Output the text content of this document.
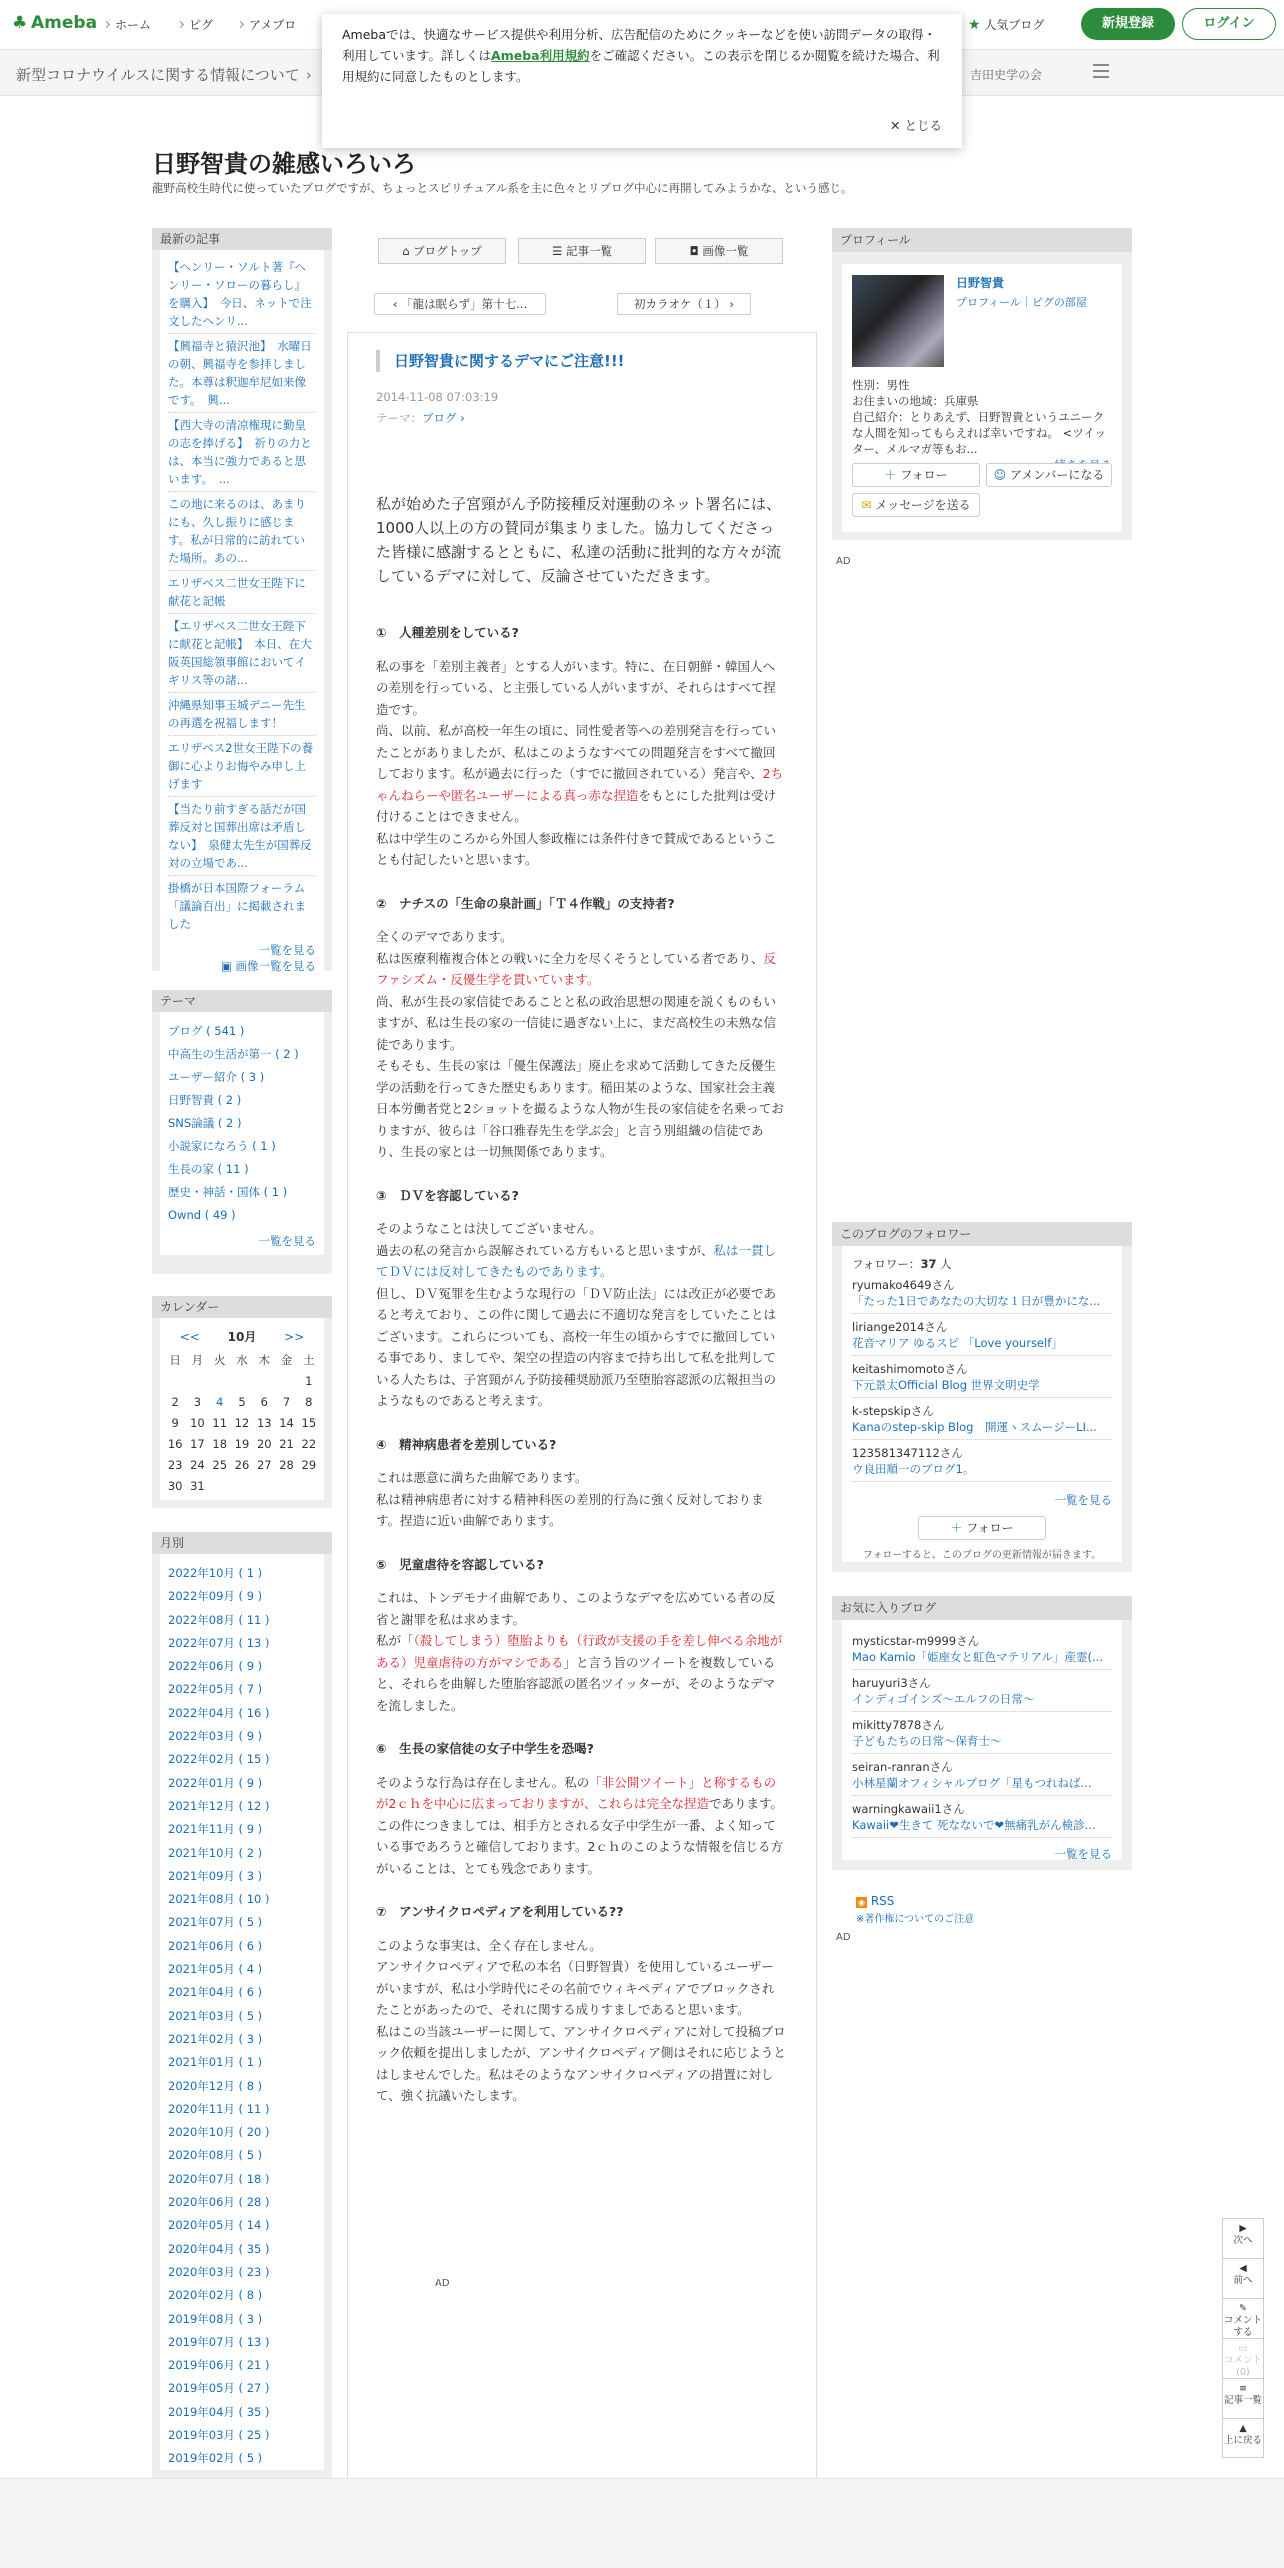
♣ Ameba	ホーム	ピグ	アメブロ	★ 人気ブログ	新規登録	ログイン
新型コロナウイルスに関する情報について ›	吉田史学の会
Amebaでは、快適なサービス提供や利用分析、広告配信のためにクッキーなどを使い訪問データの取得・利用しています。詳しくはAmeba利用規約をご確認ください。この表示を閉じるか閲覧を続けた場合、利用規約に同意したものとします。
✕ とじる
日野智貴の雑感いろいろ
龍野高校生時代に使っていたブログですが、ちょっとスピリチュアル系を主に色々とリブログ中心に再開してみようかな、という感じ。
最新の記事
【ヘンリー・ソルト著『ヘンリー・ソローの暮らし』を購入】　今日、ネットで注文したヘンリ...
【興福寺と猿沢池】　水曜日の朝、興福寺を参拝しました。本尊は釈迦牟尼如来像です。　興...
【西大寺の清凉権現に勤皇の志を捧げる】　祈りの力とは、本当に強力であると思います。　...
この地に来るのは、あまりにも、久し振りに感じます。私が日常的に訪れていた場所。あの...
エリザベス二世女王陛下に献花と記帳
【エリザベス二世女王陛下に献花と記帳】　本日、在大阪英国総領事館においてイギリス等の諸...
沖縄県知事玉城デニー先生の再選を祝福します！
エリザベス2世女王陛下の養御に心よりお悔やみ申し上げます
【当たり前すぎる話だが国葬反対と国葬出席は矛盾しない】　泉健太先生が国葬反対の立場であ...
掛橋が日本国際フォーラム「議論百出」に掲載されました
一覧を見る
▣ 画像一覧を見る
テーマ
ブログ ( 541 )
中高生の生活が第一 ( 2 )
ユーザー紹介 ( 3 )
日野智貴 ( 2 )
SNS論議 ( 2 )
小説家になろう ( 1 )
生長の家 ( 11 )
歴史・神話・国体 ( 1 )
Ownd ( 49 )
一覧を見る
カレンダー
<< 10月 >>
日	月	火	水	木	金	土
						1
2	3	4	5	6	7	8
9	10	11	12	13	14	15
16	17	18	19	20	21	22
23	24	25	26	27	28	29
30	31					
月別
2022年10月 ( 1 )
2022年09月 ( 9 )
2022年08月 ( 11 )
2022年07月 ( 13 )
2022年06月 ( 9 )
2022年05月 ( 7 )
2022年04月 ( 16 )
2022年03月 ( 9 )
2022年02月 ( 15 )
2022年01月 ( 9 )
2021年12月 ( 12 )
2021年11月 ( 9 )
2021年10月 ( 2 )
2021年09月 ( 3 )
2021年08月 ( 10 )
2021年07月 ( 5 )
2021年06月 ( 6 )
2021年05月 ( 4 )
2021年04月 ( 6 )
2021年03月 ( 5 )
2021年02月 ( 3 )
2021年01月 ( 1 )
2020年12月 ( 8 )
2020年11月 ( 11 )
2020年10月 ( 20 )
2020年08月 ( 5 )
2020年07月 ( 18 )
2020年06月 ( 28 )
2020年05月 ( 14 )
2020年04月 ( 35 )
2020年03月 ( 23 )
2020年02月 ( 8 )
2019年08月 ( 3 )
2019年07月 ( 13 )
2019年06月 ( 21 )
2019年05月 ( 27 )
2019年04月 ( 35 )
2019年03月 ( 25 )
2019年02月 ( 5 )
⌂ ブログトップ	☰ 記事一覧	◘ 画像一覧
‹ 「龍は眠らず」第十七...	初カラオケ（１） ›
日野智貴に関するデマにご注意!!!
2014-11-08 07:03:19
テーマ：ブログ ›

私が始めた子宮頸がん予防接種反対運動のネット署名には、1000人以上の方の賛同が集まりました。協力してくださった皆様に感謝するとともに、私達の活動に批判的な方々が流しているデマに対して、反論させていただきます。

①　人種差別をしている?

私の事を「差別主義者」とする人がいます。特に、在日朝鮮・韓国人への差別を行っている、と主張している人がいますが、それらはすべて捏造です。

尚、以前、私が高校一年生の頃に、同性愛者等への差別発言を行っていたことがありましたが、私はこのようなすべての問題発言をすべて撤回しております。私が過去に行った（すでに撤回されている）発言や、2ちゃんねらーや匿名ユーザーによる真っ赤な捏造をもとにした批判は受け付けることはできません。

私は中学生のころから外国人参政権には条件付きで賛成であるということも付記したいと思います。

②　ナチスの「生命の泉計画」「Ｔ４作戦」の支持者?

全くのデマであります。

私は医療利権複合体との戦いに全力を尽くそうとしている者であり、反ファシズム・反優生学を貫いています。

尚、私が生長の家信徒であることと私の政治思想の関連を説くものもいますが、私は生長の家の一信徒に過ぎない上に、まだ高校生の未熟な信徒であります。

そもそも、生長の家は「優生保護法」廃止を求めて活動してきた反優生学の活動を行ってきた歴史もあります。稲田某のような、国家社会主義日本労働者党と2ショットを撮るような人物が生長の家信徒を名乗っておりますが、彼らは「谷口雅春先生を学ぶ会」と言う別組織の信徒であり、生長の家とは一切無関係であります。

③　ＤＶを容認している?

そのようなことは決してございません。

過去の私の発言から誤解されている方もいると思いますが、私は一貫してＤＶには反対してきたものであります。

但し、ＤＶ冤罪を生むような現行の「ＤＶ防止法」には改正が必要であると考えており、この件に関して過去に不適切な発言をしていたことはございます。これらについても、高校一年生の頃からすでに撤回している事であり、ましてや、架空の捏造の内容まで持ち出して私を批判している人たちは、子宮頸がん予防接種奨励派乃至堕胎容認派の広報担当のようなものであると考えます。

④　精神病患者を差別している?

これは悪意に満ちた曲解であります。

私は精神病患者に対する精神科医の差別的行為に強く反対しております。捏造に近い曲解であります。

⑤　児童虐待を容認している?

これは、トンデモナイ曲解であり、このようなデマを広めている者の反省と謝罪を私は求めます。

私が「（殺してしまう）堕胎よりも（行政が支援の手を差し伸べる余地がある）児童虐待の方がマシである」と言う旨のツイートを複数していると、それらを曲解した堕胎容認派の匿名ツイッターが、そのようなデマを流しました。

⑥　生長の家信徒の女子中学生を恐喝?

そのような行為は存在しません。私の「非公開ツイート」と称するものが2ｃｈを中心に広まっておりますが、これらは完全な捏造であります。

この件につきましては、相手方とされる女子中学生が一番、よく知っている事であろうと確信しております。2ｃｈのこのような情報を信じる方がいることは、とても残念であります。

⑦　アンサイクロペディアを利用している??

このような事実は、全く存在しません。

アンサイクロペディアで私の本名（日野智貴）を使用しているユーザーがいますが、私は小学時代にその名前でウィキペディアでブロックされたことがあったので、それに関する成りすましであると思います。

私はこの当該ユーザーに関して、アンサイクロペディアに対して投稿ブロック依頼を提出しましたが、アンサイクロペディア側はそれに応じようとはしませんでした。私はそのようなアンサイクロペディアの措置に対して、強く抗議いたします。

AD
プロフィール
日野智貴
プロフィール｜ピグの部屋
性別：男性
お住まいの地域：兵庫県
自己紹介：とりあえず、日野智貴というユニークな人間を知ってもらえれば幸いですね。 <ツイッター、メルマガ等もお...
＋ フォロー	☺ アメンバーになる
✉ メッセージを送る
AD
このブログのフォロワー
フォロワー：37 人
ryumako4649さん
「たった1日であなたの大切な１日が豊かにな...
liriange2014さん
花音マリア ゆるスピ 「Love yourself」
keitashimomotoさん
下元景太Official Blog 世界文明史学
k-stepskipさん
Kanaのstep-skip Blog　開運ヽスムージーLI...
123581347112さん
ウ良田順一のブログ1。
一覧を見る
＋ フォロー
フォローすると、このブログの更新情報が届きます。
お気に入りブログ
mysticstar-m9999さん
Mao Kamio「姫座女と虹色マテリアル」産霊(...
haruyuri3さん
インディゴインズ〜エルフの日常〜
mikitty7878さん
子どもたちの日常〜保育士〜
seiran-ranranさん
小林星蘭オフィシャルブログ「星もつれねば...
warningkawaii1さん
Kawaii❤生きて 死なないで❤無痛乳がん検診...
一覧を見る
◉ RSS
※著作権についてのご注意
AD
▶
次へ
◀
前へ
✎
コメントする
▭
コメント(0)
≡
記事一覧
▲
上に戻る
